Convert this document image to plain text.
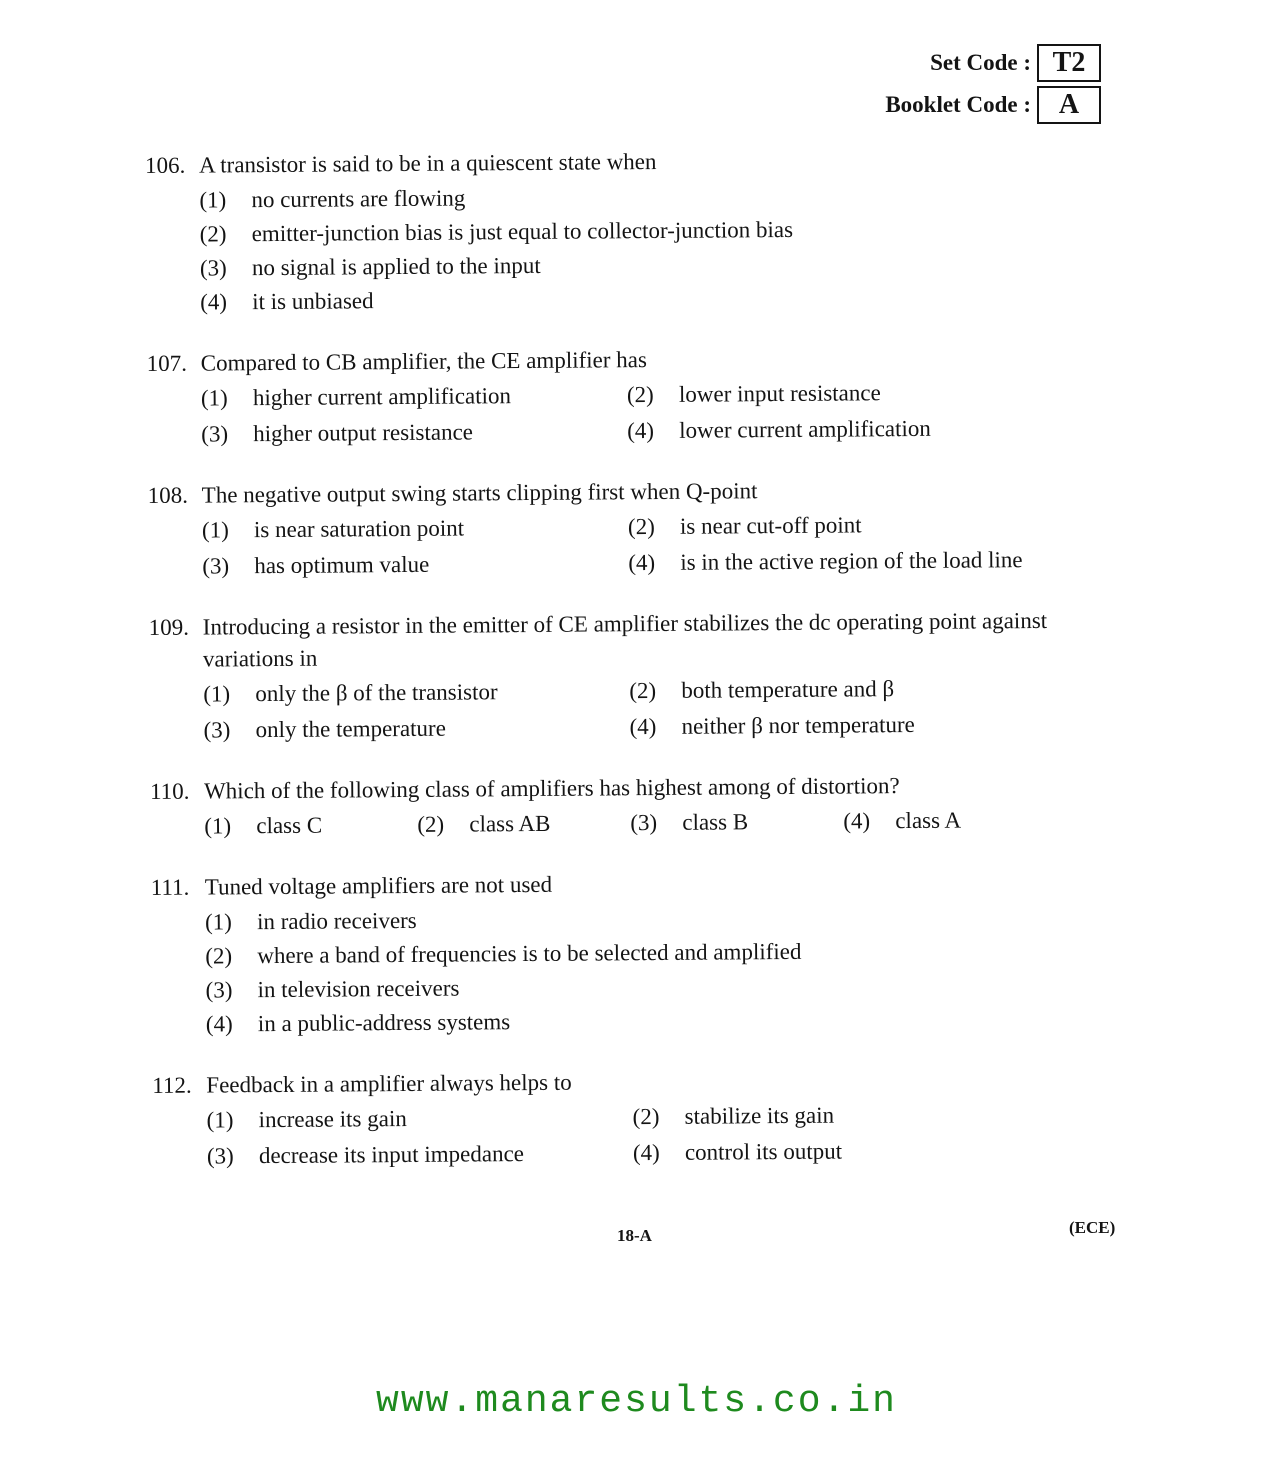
Set Code : T2
Booklet Code : A
106. A transistor is said to be in a quiescent state when
(1)	no currents are flowing
(2)	emitter-junction bias is just equal to collector-junction bias
(3)	no signal is applied to the input
(4)	it is unbiased
107. Compared to CB amplifier, the CE amplifier has
(1)	higher current amplification	(2)	lower input resistance
(3)	higher output resistance	(4)	lower current amplification
108. The negative output swing starts clipping first when Q-point
(1)	is near saturation point	(2)	is near cut-off point
(3)	has optimum value	(4)	is in the active region of the load line
109. Introducing a resistor in the emitter of CE amplifier stabilizes the dc operating point against variations in
(1)	only the β of the transistor	(2)	both temperature and β
(3)	only the temperature	(4)	neither β nor temperature
110. Which of the following class of amplifiers has highest among of distortion?
(1)	class C	(2)	class AB	(3)	class B	(4)	class A
111. Tuned voltage amplifiers are not used
(1)	in radio receivers
(2)	where a band of frequencies is to be selected and amplified
(3)	in television receivers
(4)	in a public-address systems
112. Feedback in a amplifier always helps to
(1)	increase its gain	(2)	stabilize its gain
(3)	decrease its input impedance	(4)	control its output
18-A	(ECE)
www.manaresults.co.in
